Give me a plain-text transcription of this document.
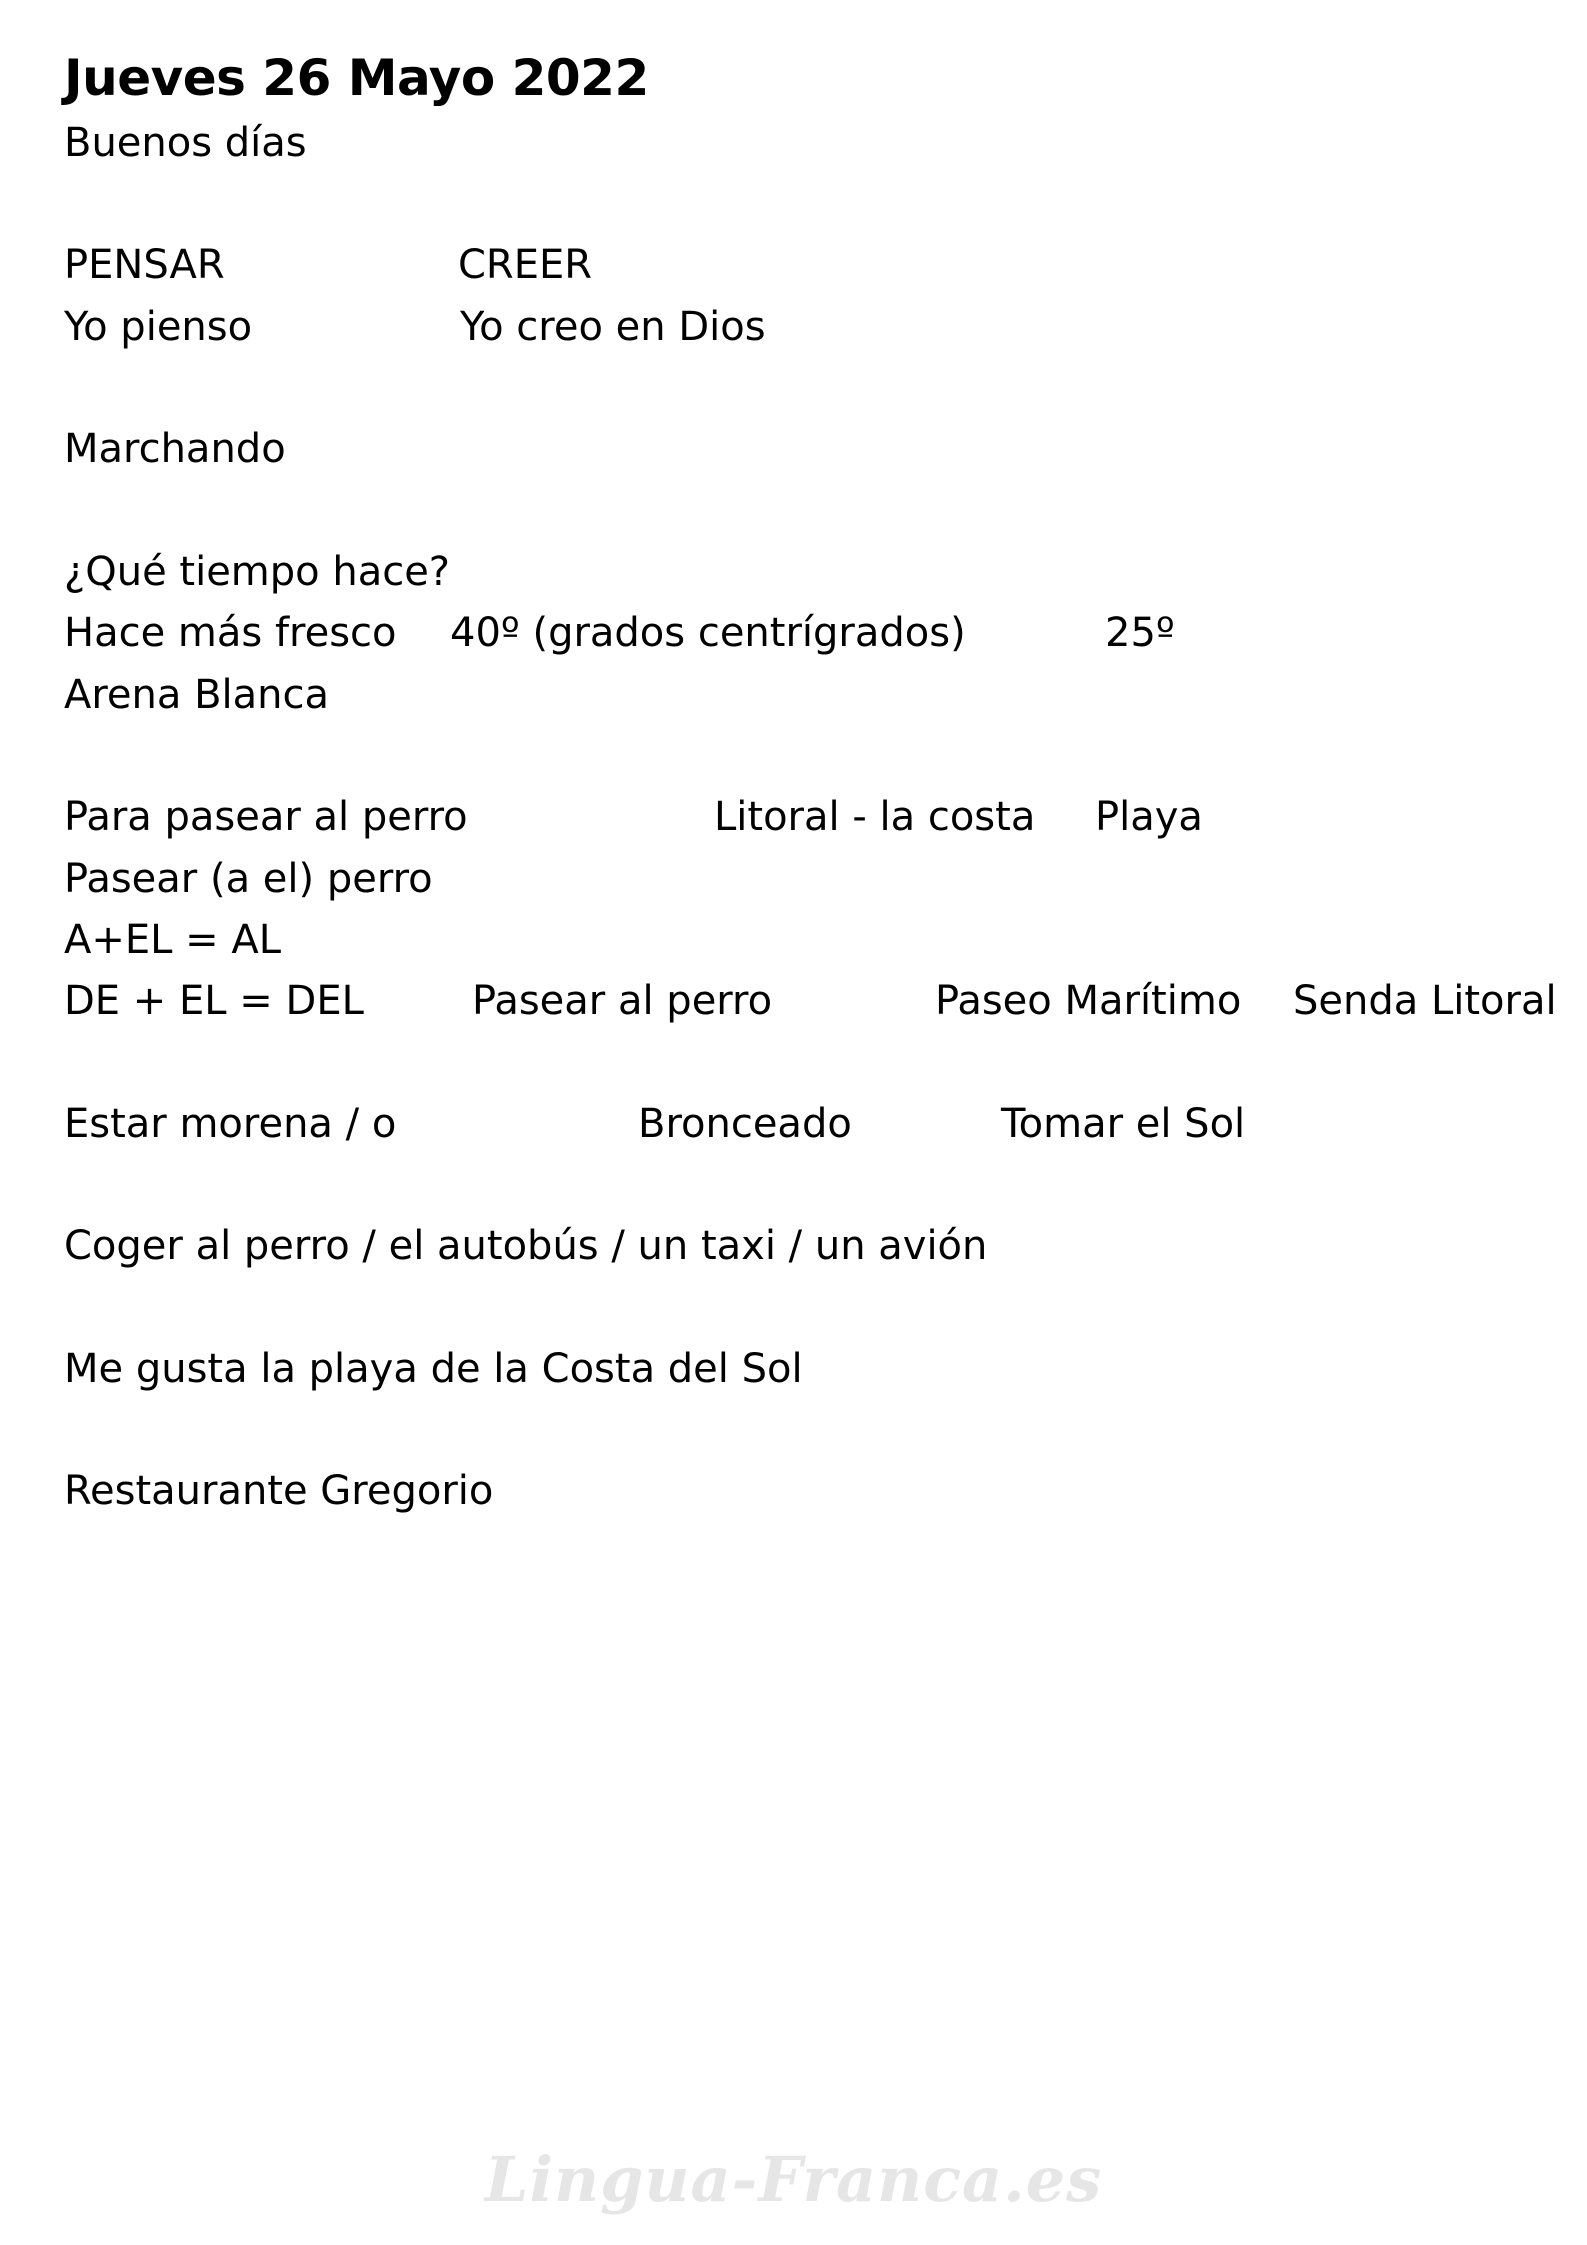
Jueves 26 Mayo 2022
Buenos días
PENSAR	CREER
Yo pienso	Yo creo en Dios
Marchando
¿Qué tiempo hace?
Hace más fresco 40º (grados centrígrados)	25º
Arena Blanca
Para pasear al perro	Litoral - la costa Playa
Pasear (a el) perro
A+EL = AL
DE + EL = DEL	Pasear al perro	Paseo Marítimo Senda Litoral
Estar morena / o	Bronceado	Tomar el Sol
Coger al perro / el autobús / un taxi / un avión
Me gusta la playa de la Costa del Sol
Restaurante Gregorio
Lingua-Franca.es
